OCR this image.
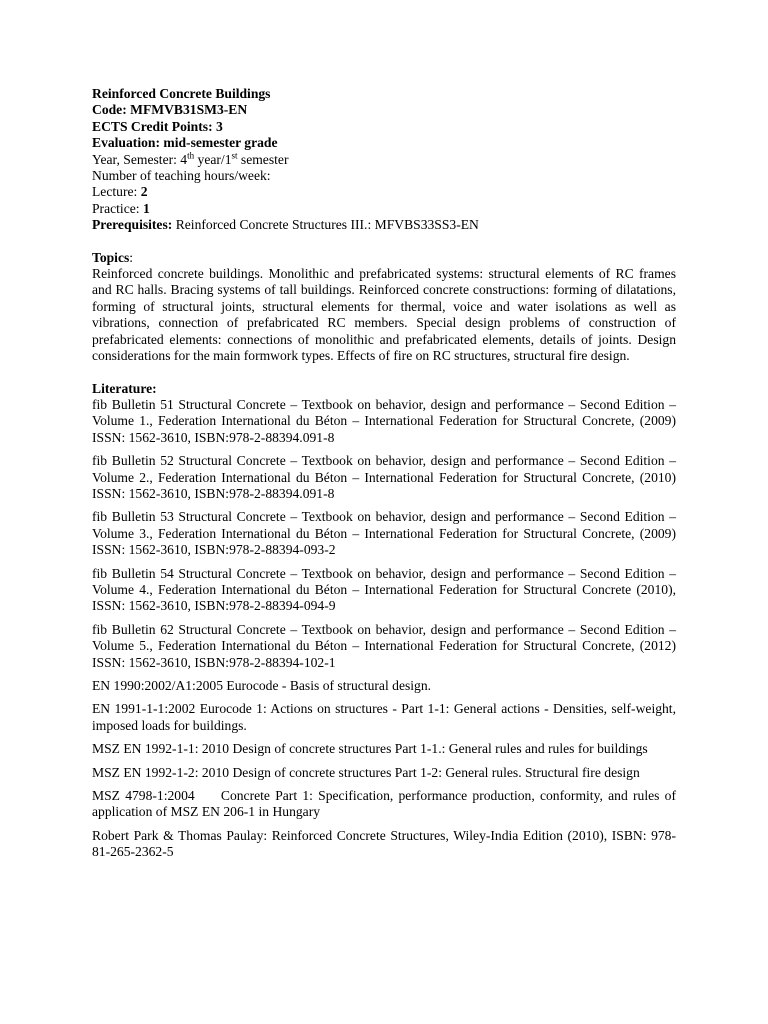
Reinforced Concrete Buildings
Code: MFMVB31SM3-EN
ECTS Credit Points: 3
Evaluation: mid-semester grade
Year, Semester: 4th year/1st semester
Number of teaching hours/week:
Lecture: 2
Practice: 1
Prerequisites: Reinforced Concrete Structures III.: MFVBS33SS3-EN
Topics:
Reinforced concrete buildings. Monolithic and prefabricated systems: structural elements of RC frames and RC halls. Bracing systems of tall buildings. Reinforced concrete constructions: forming of dilatations, forming of structural joints, structural elements for thermal, voice and water isolations as well as vibrations, connection of prefabricated RC members. Special design problems of construction of prefabricated elements: connections of monolithic and prefabricated elements, details of joints. Design considerations for the main formwork types. Effects of fire on RC structures, structural fire design.
Literature:
fib Bulletin 51 Structural Concrete – Textbook on behavior, design and performance – Second Edition – Volume 1., Federation International du Béton – International Federation for Structural Concrete, (2009) ISSN: 1562-3610, ISBN:978-2-88394.091-8
fib Bulletin 52 Structural Concrete – Textbook on behavior, design and performance – Second Edition – Volume 2., Federation International du Béton – International Federation for Structural Concrete, (2010) ISSN: 1562-3610, ISBN:978-2-88394.091-8
fib Bulletin 53 Structural Concrete – Textbook on behavior, design and performance – Second Edition – Volume 3., Federation International du Béton – International Federation for Structural Concrete, (2009) ISSN: 1562-3610, ISBN:978-2-88394-093-2
fib Bulletin 54 Structural Concrete – Textbook on behavior, design and performance – Second Edition – Volume 4., Federation International du Béton – International Federation for Structural Concrete (2010), ISSN: 1562-3610, ISBN:978-2-88394-094-9
fib Bulletin 62 Structural Concrete – Textbook on behavior, design and performance – Second Edition – Volume 5., Federation International du Béton – International Federation for Structural Concrete, (2012) ISSN: 1562-3610, ISBN:978-2-88394-102-1
EN 1990:2002/A1:2005 Eurocode - Basis of structural design.
EN 1991-1-1:2002 Eurocode 1: Actions on structures - Part 1-1: General actions - Densities, self-weight, imposed loads for buildings.
MSZ EN 1992-1-1: 2010 Design of concrete structures Part 1-1.: General rules and rules for buildings
MSZ EN 1992-1-2: 2010 Design of concrete structures Part 1-2: General rules. Structural fire design
MSZ 4798-1:2004     Concrete Part 1: Specification, performance production, conformity, and rules of application of MSZ EN 206-1 in Hungary
Robert Park & Thomas Paulay: Reinforced Concrete Structures, Wiley-India Edition (2010), ISBN: 978-81-265-2362-5
